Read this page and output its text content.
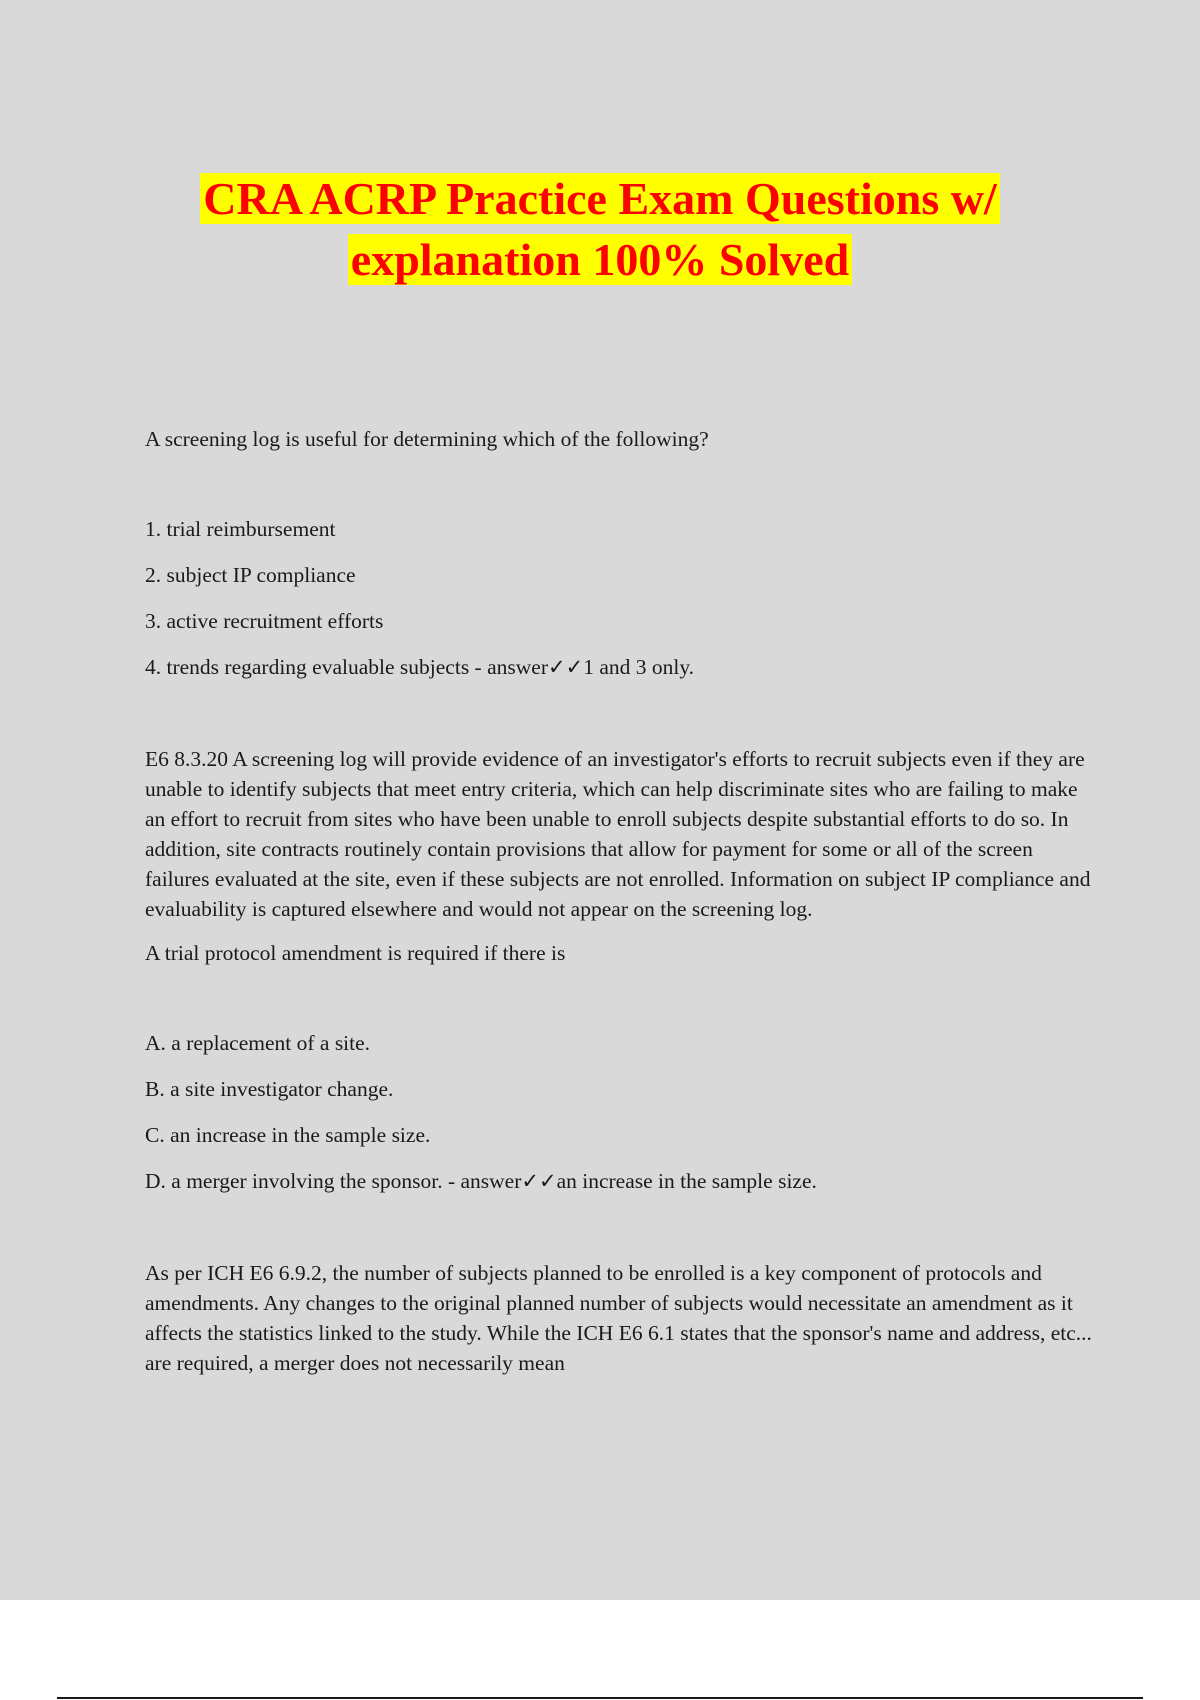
CRA ACRP Practice Exam Questions w/
explanation 100% Solved

A screening log is useful for determining which of the following?

1. trial reimbursement

2. subject IP compliance

3. active recruitment efforts

4. trends regarding evaluable subjects - answer✓✓1 and 3 only.

E6 8.3.20 A screening log will provide evidence of an investigator's efforts to recruit subjects even if they are unable to identify subjects that meet entry criteria, which can help discriminate sites who are failing to make an effort to recruit from sites who have been unable to enroll subjects despite substantial efforts to do so. In addition, site contracts routinely contain provisions that allow for payment for some or all of the screen failures evaluated at the site, even if these subjects are not enrolled. Information on subject IP compliance and evaluability is captured elsewhere and would not appear on the screening log.

A trial protocol amendment is required if there is

A. a replacement of a site.

B. a site investigator change.

C. an increase in the sample size.

D. a merger involving the sponsor. - answer✓✓an increase in the sample size.

As per ICH E6 6.9.2, the number of subjects planned to be enrolled is a key component of protocols and amendments. Any changes to the original planned number of subjects would necessitate an amendment as it affects the statistics linked to the study. While the ICH E6 6.1 states that the sponsor's name and address, etc... are required, a merger does not necessarily mean
